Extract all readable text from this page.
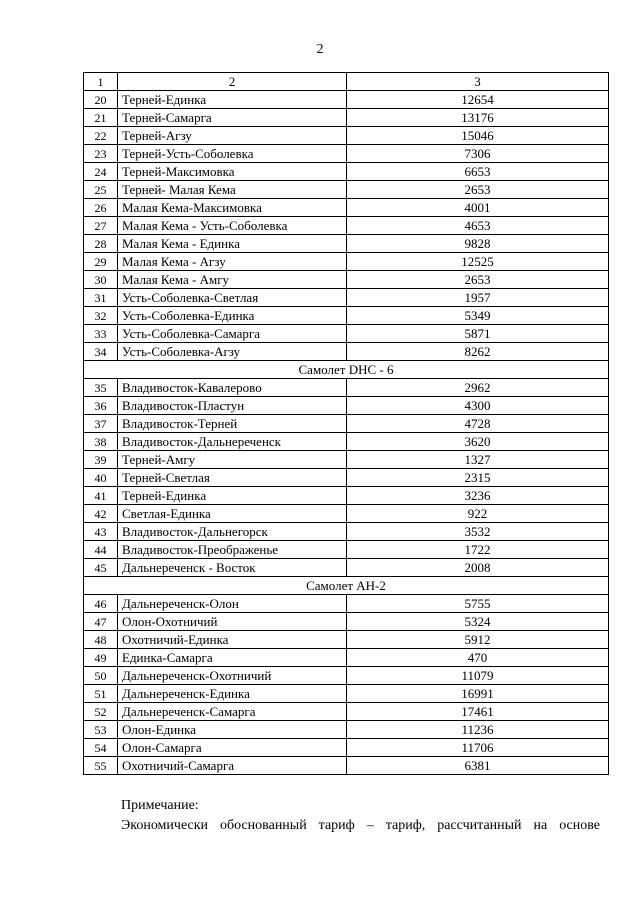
2
1	2	3
20	Терней-Единка	12654
21	Терней-Самарга	13176
22	Терней-Агзу	15046
23	Терней-Усть-Соболевка	7306
24	Терней-Максимовка	6653
25	Терней- Малая Кема	2653
26	Малая Кема-Максимовка	4001
27	Малая Кема - Усть-Соболевка	4653
28	Малая Кема - Единка	9828
29	Малая Кема - Агзу	12525
30	Малая Кема - Амгу	2653
31	Усть-Соболевка-Светлая	1957
32	Усть-Соболевка-Единка	5349
33	Усть-Соболевка-Самарга	5871
34	Усть-Соболевка-Агзу	8262
Самолет DHC - 6		
35	Владивосток-Кавалерово	2962
36	Владивосток-Пластун	4300
37	Владивосток-Терней	4728
38	Владивосток-Дальнереченск	3620
39	Терней-Амгу	1327
40	Терней-Светлая	2315
41	Терней-Единка	3236
42	Светлая-Единка	922
43	Владивосток-Дальнегорск	3532
44	Владивосток-Преображенье	1722
45	Дальнереченск - Восток	2008
Самолет АН-2		
46	Дальнереченск-Олон	5755
47	Олон-Охотничий	5324
48	Охотничий-Единка	5912
49	Единка-Самарга	470
50	Дальнереченск-Охотничий	11079
51	Дальнереченск-Единка	16991
52	Дальнереченск-Самарга	17461
53	Олон-Единка	11236
54	Олон-Самарга	11706
55	Охотничий-Самарга	6381
Примечание:
Экономически обоснованный тариф – тариф, рассчитанный на основе
